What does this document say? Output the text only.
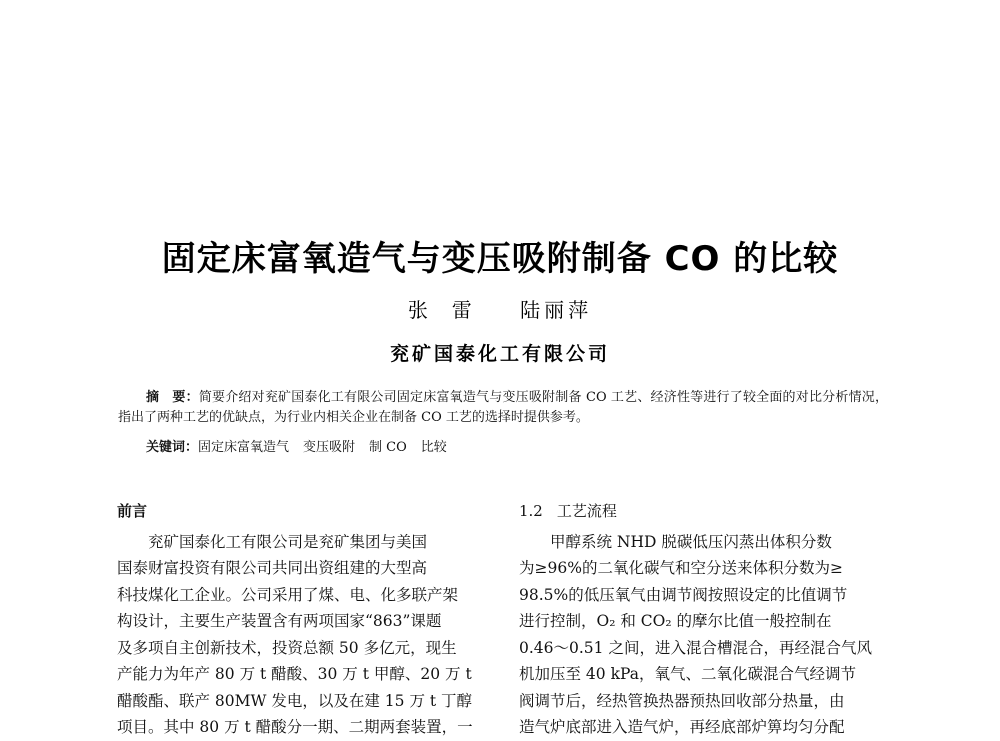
固定床富氧造气与变压吸附制备 CO 的比较
张雷 陆丽萍
兖矿国泰化工有限公司

摘　要：简要介绍对兖矿国泰化工有限公司固定床富氧造气与变压吸附制备 CO 工艺、经济性等进行了较全面的对比分析情况，指出了两种工艺的优缺点，为行业内相关企业在制备 CO 工艺的选择时提供参考。

关键词：固定床富氧造气 变压吸附 制 CO 比较
前言

兖矿国泰化工有限公司是兖矿集团与美国
国泰财富投资有限公司共同出资组建的大型高
科技煤化工企业。公司采用了煤、电、化多联产架
构设计，主要生产装置含有两项国家“863”课题
及多项自主创新技术，投资总额 50 多亿元，现生
产能力为年产 80 万 t 醋酸、30 万 t 甲醇、20 万 t
醋酸酯、联产 80MW 发电，以及在建 15 万 t 丁醇
项目。其中 80 万 t 醋酸分一期、二期两套装置，一

1.2 工艺流程

甲醇系统 NHD 脱碳低压闪蒸出体积分数
为≥96%的二氧化碳气和空分送来体积分数为≥
98.5%的低压氧气由调节阀按照设定的比值调节
进行控制，O₂ 和 CO₂ 的摩尔比值一般控制在
0.46～0.51 之间，进入混合槽混合，再经混合气风
机加压至 40 kPa，氧气、二氧化碳混合气经调节
阀调节后，经热管换热器预热回收部分热量，由
造气炉底部进入造气炉，再经底部炉箅均匀分配
